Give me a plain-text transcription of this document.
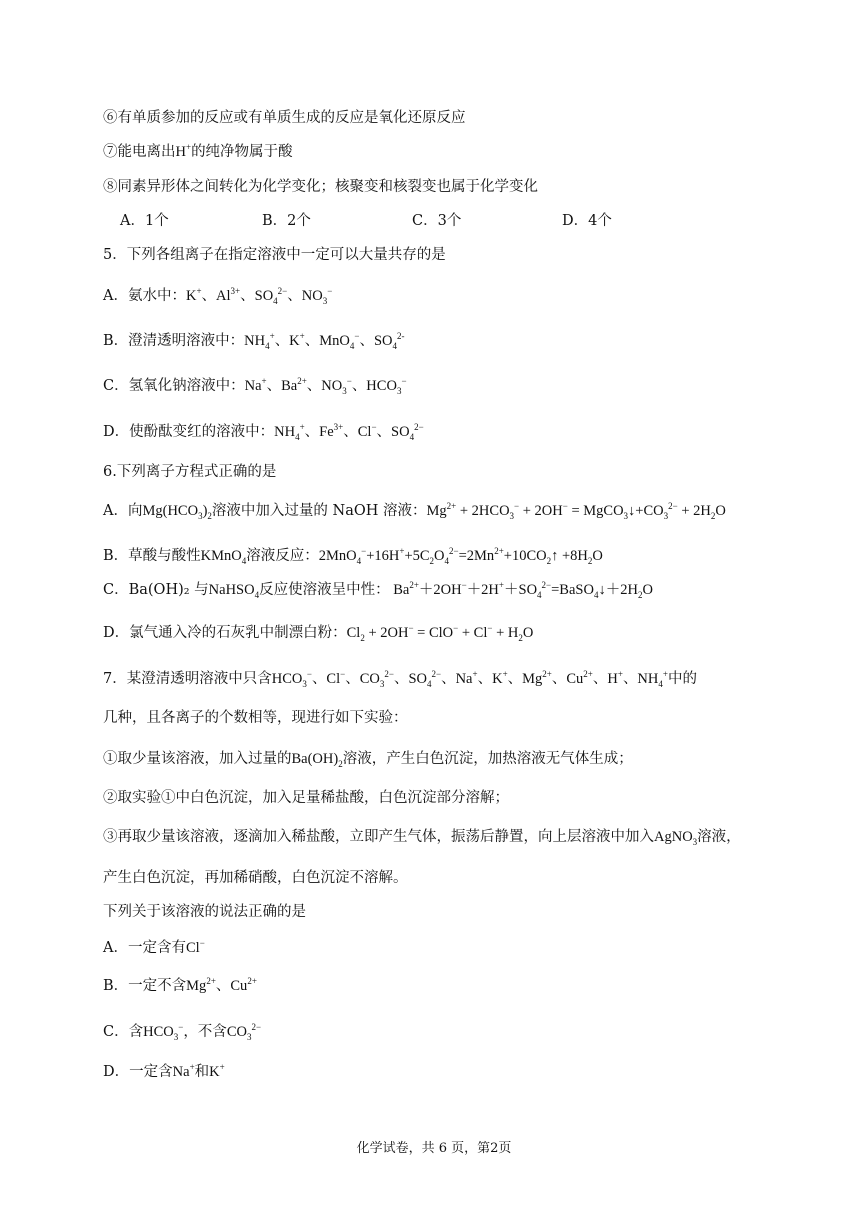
⑥有单质参加的反应或有单质生成的反应是氧化还原反应
⑦能电离出H+的纯净物属于酸
⑧同素异形体之间转化为化学变化；核聚变和核裂变也属于化学变化
A．1个	B．2个	C．3个	D．4个
5．下列各组离子在指定溶液中一定可以大量共存的是
A．氨水中：K+、$Al^{3+}$、$SO_4^{2-}$、$NO_3^-$
B．澄清透明溶液中：$NH_4^+$、K+、MnO$_4$−、$SO_4^{2-}$
C．氢氧化钠溶液中：Na+、$Ba^{2+}$、$NO_3^-$、$HCO_3^-$
D．使酚酞变红的溶液中：$NH_4^+$、$Fe^{3+}$、Cl−、$SO_4^{2-}$
6.下列离子方程式正确的是
A．向$Mg(HCO_3)_2$溶液中加入过量的 NaOH 溶液：$Mg^{2+} + 2HCO_3^- + 2OH^-$ = $MgCO_3↓+CO_3^{2-} + 2H_2O$
B．草酸与酸性KMnO$_4$溶液反应：$2MnO_4^-+16H^++5C_2O_4^{2-}=2Mn^{2+}+10CO_2↑ +8H_2O$
C．Ba(OH)₂ 与NaHSO$_4$反应使溶液呈中性： $Ba^{2+}+2OH^-+2H^++SO_4^{2-}=BaSO_4↓+2H_2O$
D．氯气通入冷的石灰乳中制漂白粉：$Cl_2 + 2OH^- = ClO^- + Cl^- + H_2O$
7．某澄清透明溶液中只含$HCO_3^-$、Cl−、$CO_3^{2-}$、$SO_4^{2-}$、Na+、K+、$Mg^{2+}$、$Cu^{2+}$、H+、$NH_4^+$中的
几种，且各离子的个数相等，现进行如下实验：
①取少量该溶液，加入过量的$Ba(OH)_2$溶液，产生白色沉淀，加热溶液无气体生成；
②取实验①中白色沉淀，加入足量稀盐酸，白色沉淀部分溶解；
③再取少量该溶液，逐滴加入稀盐酸，立即产生气体，振荡后静置，向上层溶液中加入AgNO$_3$溶液，
产生白色沉淀，再加稀硝酸，白色沉淀不溶解。
下列关于该溶液的说法正确的是
A．一定含有Cl−
B．一定不含$Mg^{2+}$、$Cu^{2+}$
C．含$HCO_3^-$，不含$CO_3^{2-}$
D．一定含Na+和K+
化学试卷，共 6 页，第2页
